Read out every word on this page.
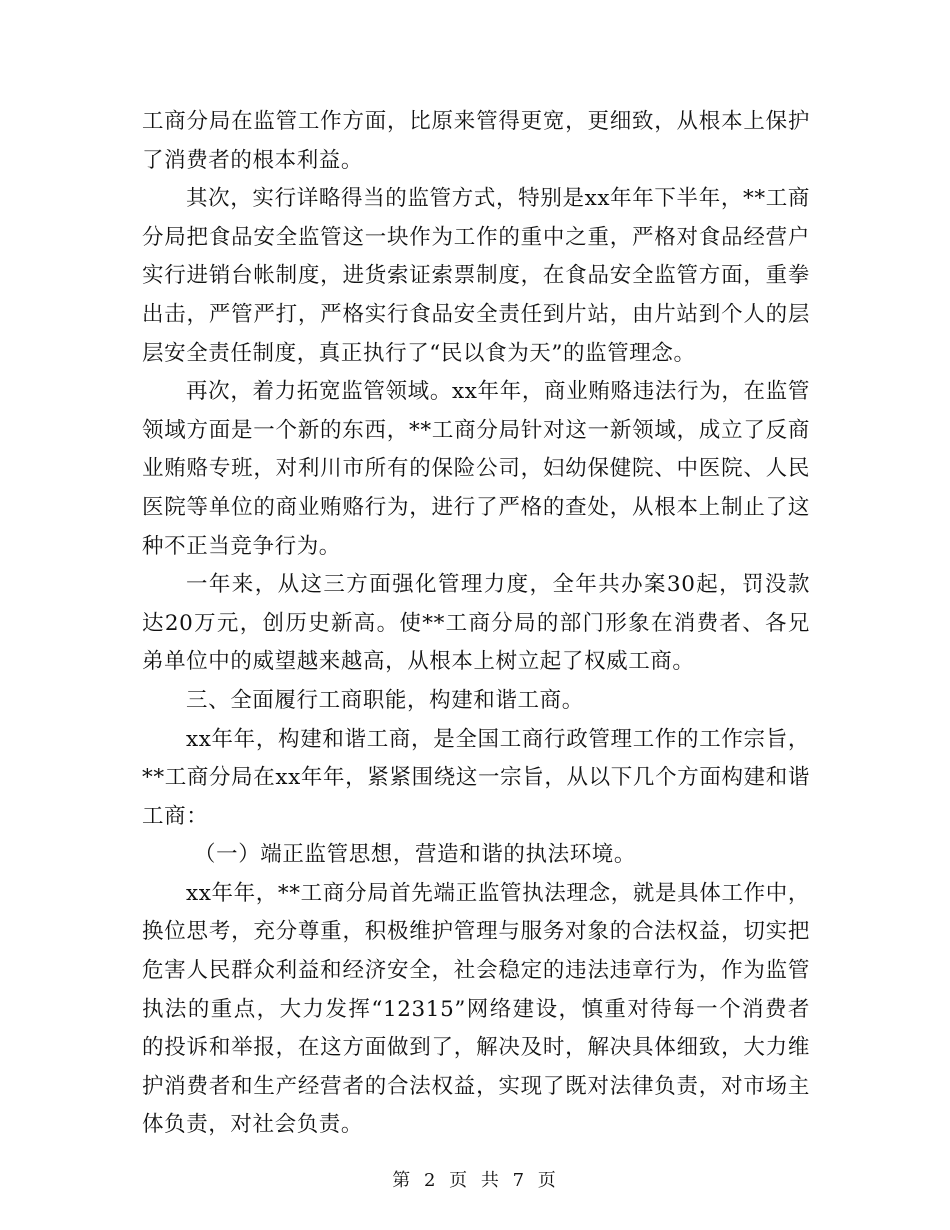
工商分局在监管工作方面，比原来管得更宽，更细致，从根本上保护了消费者的根本利益。

其次，实行详略得当的监管方式，特别是xx年年下半年，**工商分局把食品安全监管这一块作为工作的重中之重，严格对食品经营户实行进销台帐制度，进货索证索票制度，在食品安全监管方面，重拳出击，严管严打，严格实行食品安全责任到片站，由片站到个人的层层安全责任制度，真正执行了“民以食为天”的监管理念。

再次，着力拓宽监管领域。xx年年，商业贿赂违法行为，在监管领域方面是一个新的东西，**工商分局针对这一新领域，成立了反商业贿赂专班，对利川市所有的保险公司，妇幼保健院、中医院、人民医院等单位的商业贿赂行为，进行了严格的查处，从根本上制止了这种不正当竞争行为。

一年来，从这三方面强化管理力度，全年共办案30起，罚没款达20万元，创历史新高。使**工商分局的部门形象在消费者、各兄弟单位中的威望越来越高，从根本上树立起了权威工商。

三、全面履行工商职能，构建和谐工商。

xx年年，构建和谐工商，是全国工商行政管理工作的工作宗旨，**工商分局在xx年年，紧紧围绕这一宗旨，从以下几个方面构建和谐工商：

（一）端正监管思想，营造和谐的执法环境。

xx年年，**工商分局首先端正监管执法理念，就是具体工作中，换位思考，充分尊重，积极维护管理与服务对象的合法权益，切实把危害人民群众利益和经济安全，社会稳定的违法违章行为，作为监管执法的重点，大力发挥“12315”网络建设，慎重对待每一个消费者的投诉和举报，在这方面做到了，解决及时，解决具体细致，大力维护消费者和生产经营者的合法权益，实现了既对法律负责，对市场主体负责，对社会负责。

第 2 页 共 7 页
